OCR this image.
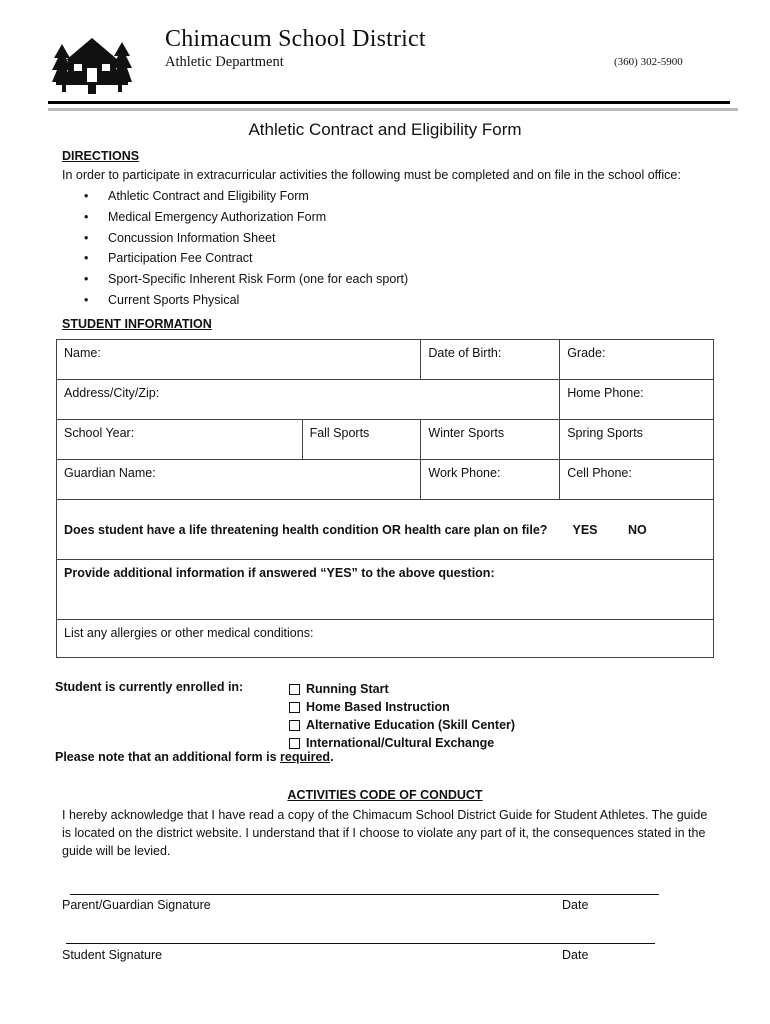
Chimacum School District
Athletic Department	(360) 302-5900
Athletic Contract and Eligibility Form
DIRECTIONS
In order to participate in extracurricular activities the following must be completed and on file in the school office:
• Athletic Contract and Eligibility Form
• Medical Emergency Authorization Form
• Concussion Information Sheet
• Participation Fee Contract
• Sport-Specific Inherent Risk Form (one for each sport)
• Current Sports Physical
STUDENT INFORMATION
Name:		Date of Birth:	Grade:
Address/City/Zip:			Home Phone:
School Year:	Fall Sports	Winter Sports	Spring Sports
Guardian Name:		Work Phone:	Cell Phone:
Does student have a life threatening health condition OR health care plan on file? YES NO			
Provide additional information if answered “YES” to the above question:			
List any allergies or other medical conditions:			
Student is currently enrolled in:	Running Start
Home Based Instruction
Alternative Education (Skill Center)
International/Cultural Exchange
Please note that an additional form is required.
ACTIVITIES CODE OF CONDUCT
I hereby acknowledge that I have read a copy of the Chimacum School District Guide for Student Athletes. The guide is located on the district website. I understand that if I choose to violate any part of it, the consequences stated in the guide will be levied.
Parent/Guardian Signature	Date
Student Signature	Date
